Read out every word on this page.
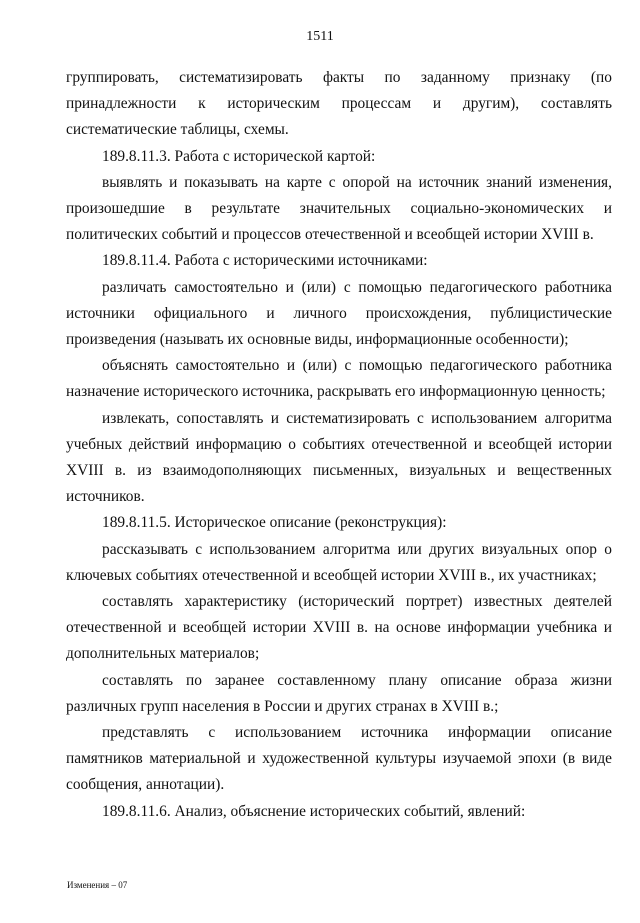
1511

группировать, систематизировать факты по заданному признаку (по принадлежности к историческим процессам и другим), составлять систематические таблицы, схемы.

189.8.11.3. Работа с исторической картой:

выявлять и показывать на карте с опорой на источник знаний изменения, произошедшие в результате значительных социально-экономических и политических событий и процессов отечественной и всеобщей истории XVIII в.

189.8.11.4. Работа с историческими источниками:

различать самостоятельно и (или) с помощью педагогического работника источники официального и личного происхождения, публицистические произведения (называть их основные виды, информационные особенности);

объяснять самостоятельно и (или) с помощью педагогического работника назначение исторического источника, раскрывать его информационную ценность;

извлекать, сопоставлять и систематизировать с использованием алгоритма учебных действий информацию о событиях отечественной и всеобщей истории XVIII в. из взаимодополняющих письменных, визуальных и вещественных источников.

189.8.11.5. Историческое описание (реконструкция):

рассказывать с использованием алгоритма или других визуальных опор о ключевых событиях отечественной и всеобщей истории XVIII в., их участниках;

составлять характеристику (исторический портрет) известных деятелей отечественной и всеобщей истории XVIII в. на основе информации учебника и дополнительных материалов;

составлять по заранее составленному плану описание образа жизни различных групп населения в России и других странах в XVIII в.;

представлять с использованием источника информации описание памятников материальной и художественной культуры изучаемой эпохи (в виде сообщения, аннотации).

189.8.11.6. Анализ, объяснение исторических событий, явлений:

Изменения – 07
